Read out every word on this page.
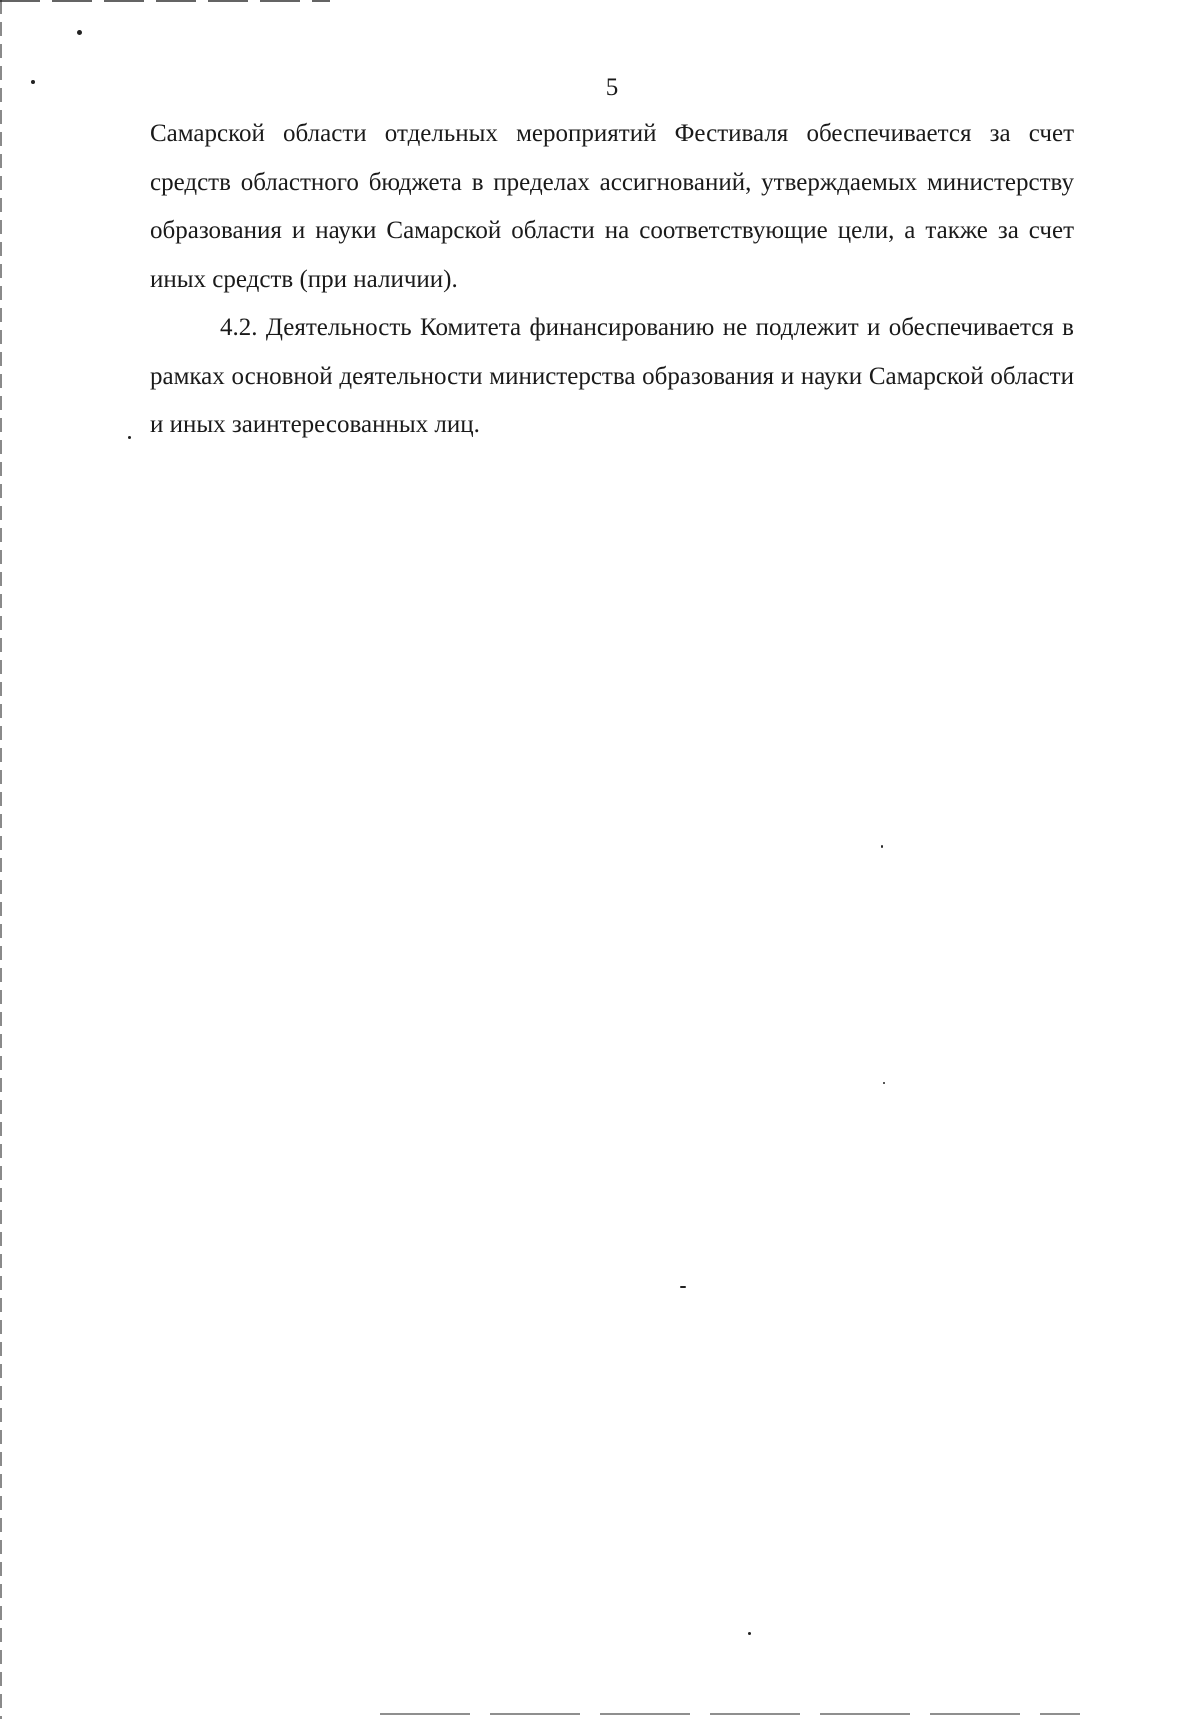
5

Самарской области отдельных мероприятий Фестиваля обеспечивается за счет средств областного бюджета в пределах ассигнований, утверждаемых министерству образования и науки Самарской области на соответствующие цели, а также за счет иных средств (при наличии).

4.2. Деятельность Комитета финансированию не подлежит и обеспечивается в рамках основной деятельности министерства образования и науки Самарской области и иных заинтересованных лиц.
